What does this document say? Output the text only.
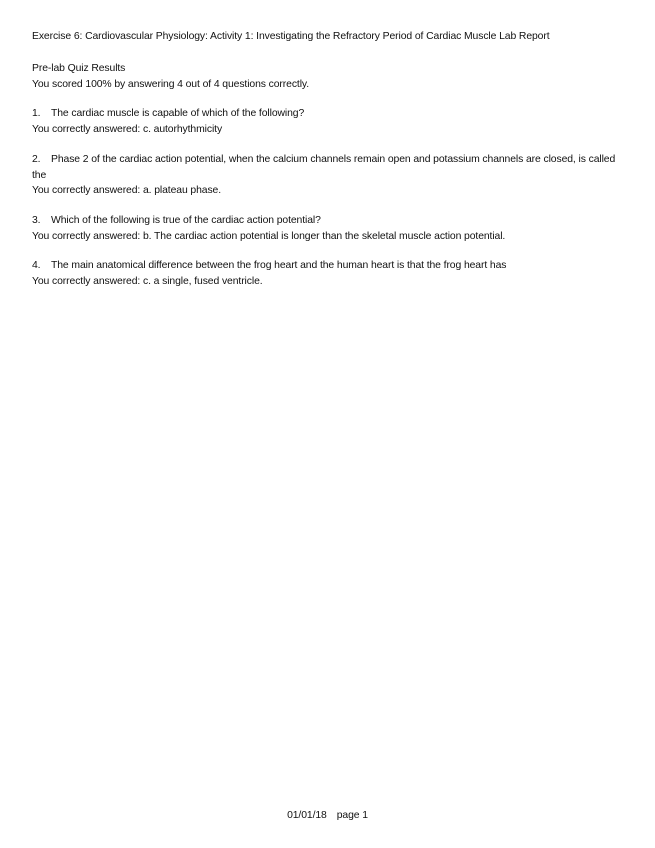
Exercise 6: Cardiovascular Physiology: Activity 1: Investigating the Refractory Period of Cardiac Muscle Lab Report
Pre-lab Quiz Results
You scored 100% by answering 4 out of 4 questions correctly.
1. The cardiac muscle is capable of which of the following?
You correctly answered: c. autorhythmicity
2. Phase 2 of the cardiac action potential, when the calcium channels remain open and potassium channels are closed, is called the
You correctly answered: a. plateau phase.
3. Which of the following is true of the cardiac action potential?
You correctly answered: b. The cardiac action potential is longer than the skeletal muscle action potential.
4. The main anatomical difference between the frog heart and the human heart is that the frog heart has
You correctly answered: c. a single, fused ventricle.
01/01/18 page 1
